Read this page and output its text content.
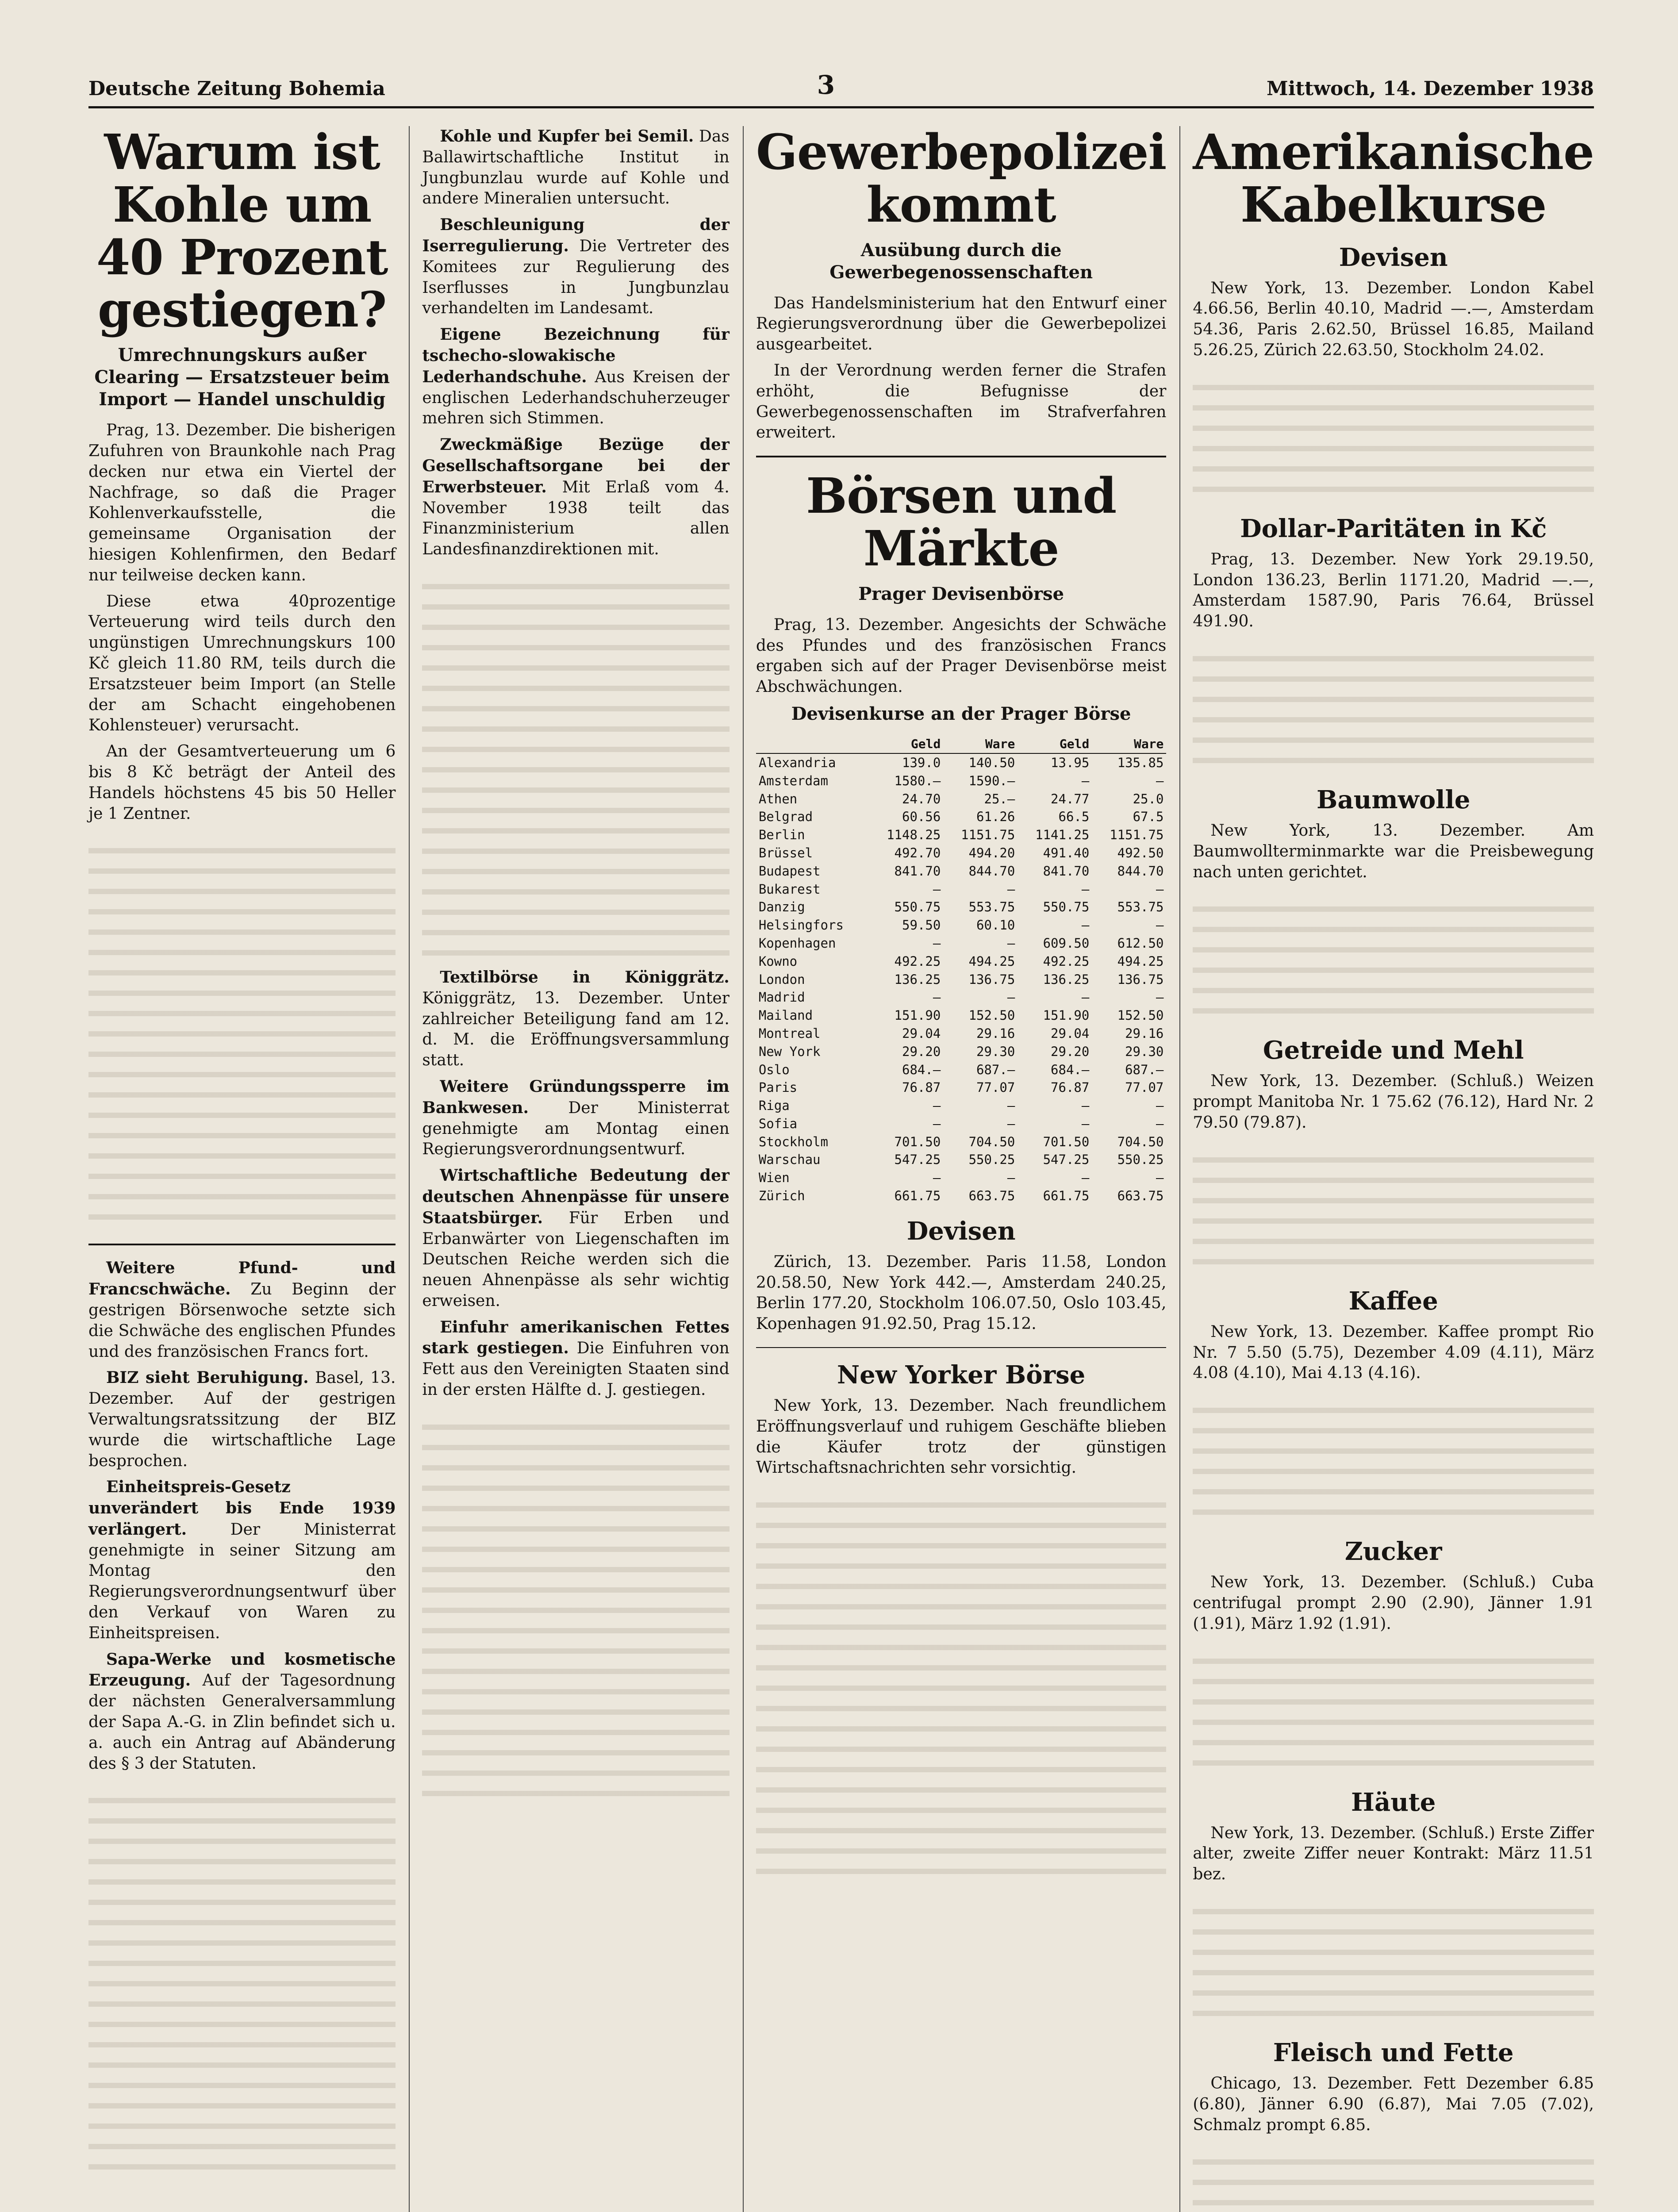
Deutsche Zeitung Bohemia	3	Mittwoch, 14. Dezember 1938
Warum ist Kohle um 40 Prozent gestiegen?
Umrechnungskurs außer Clearing — Ersatzsteuer beim Import — Handel unschuldig

Prag, 13. Dezember. Die bisherigen Zufuhren von Braunkohle nach Prag decken nur etwa ein Viertel der Nachfrage, so daß die Prager Kohlenverkaufsstelle, die gemeinsame Organisation der hiesigen Kohlenfirmen, den Bedarf nur teilweise decken kann.

Diese etwa 40prozentige Verteuerung wird teils durch den ungünstigen Umrechnungskurs 100 Kč gleich 11.80 RM, teils durch die Ersatzsteuer beim Import (an Stelle der am Schacht eingehobenen Kohlensteuer) verursacht.

An der Gesamtverteuerung um 6 bis 8 Kč beträgt der Anteil des Handels höchstens 45 bis 50 Heller je 1 Zentner.

Weitere Pfund- und Francschwäche. Zu Beginn der gestrigen Börsenwoche setzte sich die Schwäche des englischen Pfundes und des französischen Francs fort.

BIZ sieht Beruhigung. Basel, 13. Dezember. Auf der gestrigen Verwaltungsratssitzung der BIZ wurde die wirtschaftliche Lage besprochen.

Einheitspreis-Gesetz unverändert bis Ende 1939 verlängert.	Der Ministerrat genehmigte in seiner Sitzung am Montag den Regierungsverordnungsentwurf über den Verkauf von Waren zu Einheitspreisen.

Sapa-Werke und kosmetische Erzeugung. Auf der Tagesordnung der nächsten Generalversammlung der Sapa A.-G. in Zlin befindet sich u. a. auch ein Antrag auf Abänderung des § 3 der Statuten.

Kohle und Kupfer bei Semil. Das Ballawirtschaftliche Institut in Jungbunzlau wurde auf Kohle und andere Mineralien untersucht.

Beschleunigung der Iserregulierung. Die Vertreter des Komitees zur Regulierung des Iserflusses in Jungbunzlau verhandelten im Landesamt.

Eigene Bezeichnung für tschecho-slowakische Lederhandschuhe. Aus Kreisen der englischen Lederhandschuherzeuger mehren sich Stimmen.

Zweckmäßige Bezüge der Gesellschaftsorgane bei der Erwerbsteuer. Mit Erlaß vom 4. November 1938 teilt das Finanzministerium allen Landesfinanzdirektionen mit.

Textilbörse in Königgrätz. Königgrätz, 13. Dezember. Unter zahlreicher Beteiligung fand am 12. d. M. die Eröffnungsversammlung statt.

Weitere Gründungssperre im Bankwesen. Der Ministerrat genehmigte am Montag einen Regierungsverordnungsentwurf.

Wirtschaftliche Bedeutung der deutschen Ahnenpässe für unsere Staatsbürger. Für Erben und Erbanwärter von Liegenschaften im Deutschen Reiche werden sich die neuen Ahnenpässe als sehr wichtig erweisen.

Einfuhr amerikanischen Fettes stark gestiegen. Die Einfuhren von Fett aus den Vereinigten Staaten sind in der ersten Hälfte d. J. gestiegen.

Gewerbepolizei kommt
Ausübung durch die Gewerbegenossenschaften

Das Handelsministerium hat den Entwurf einer Regierungsverordnung über die Gewerbepolizei ausgearbeitet.

In der Verordnung werden ferner die Strafen erhöht, die Befugnisse der Gewerbegenossenschaften im Strafverfahren erweitert.

Börsen und Märkte
Prager Devisenbörse

Prag, 13. Dezember. Angesichts der Schwäche des Pfundes und des französischen Francs ergaben sich auf der Prager Devisenbörse meist Abschwächungen.

Devisenkurse an der Prager Börse
	Geld	Ware	Geld	Ware
Alexandria	139.0	140.50	13.95	135.85
Amsterdam	1580.—	1590.—	—	—
Athen	24.70	25.—	24.77	25.0
Belgrad	60.56	61.26	66.5	67.5
Berlin	1148.25	1151.75	1141.25	1151.75
Brüssel	492.70	494.20	491.40	492.50
Budapest	841.70	844.70	841.70	844.70
Bukarest	—	—	—	—
Danzig	550.75	553.75	550.75	553.75
Helsingfors	59.50	60.10	—	—
Kopenhagen	—	—	609.50	612.50
Kowno	492.25	494.25	492.25	494.25
London	136.25	136.75	136.25	136.75
Madrid	—	—	—	—
Mailand	151.90	152.50	151.90	152.50
Montreal	29.04	29.16	29.04	29.16
New York	29.20	29.30	29.20	29.30
Oslo	684.—	687.—	684.—	687.—
Paris	76.87	77.07	76.87	77.07
Riga	—	—	—	—
Sofia	—	—	—	—
Stockholm	701.50	704.50	701.50	704.50
Warschau	547.25	550.25	547.25	550.25
Wien	—	—	—	—
Zürich	661.75	663.75	661.75	663.75
Devisen

Zürich, 13. Dezember. Paris 11.58, London 20.58.50, New York 442.—, Amsterdam 240.25, Berlin 177.20, Stockholm 106.07.50, Oslo 103.45, Kopenhagen 91.92.50, Prag 15.12.

New Yorker Börse

New York, 13. Dezember. Nach freundlichem Eröffnungsverlauf und ruhigem Geschäfte blieben die Käufer trotz der günstigen Wirtschaftsnachrichten sehr vorsichtig.

Amerikanische Kabelkurse
Devisen

New York, 13. Dezember. London Kabel 4.66.56, Berlin 40.10, Madrid —.—, Amsterdam 54.36, Paris 2.62.50, Brüssel 16.85, Mailand 5.26.25, Zürich 22.63.50, Stockholm 24.02.

Dollar-Paritäten in Kč

Prag, 13. Dezember. New York 29.19.50, London 136.23, Berlin 1171.20, Madrid —.—, Amsterdam 1587.90, Paris 76.64, Brüssel 491.90.

Baumwolle

New York, 13. Dezember. Am Baumwollterminmarkte war die Preisbewegung nach unten gerichtet.

Getreide und Mehl

New York, 13. Dezember. (Schluß.) Weizen prompt Manitoba Nr. 1 75.62 (76.12), Hard Nr. 2 79.50 (79.87).

Kaffee

New York, 13. Dezember. Kaffee prompt Rio Nr. 7 5.50 (5.75), Dezember 4.09 (4.11), März 4.08 (4.10), Mai 4.13 (4.16).

Zucker

New York, 13. Dezember. (Schluß.) Cuba centrifugal prompt 2.90 (2.90), Jänner 1.91 (1.91), März 1.92 (1.91).

Häute

New York, 13. Dezember. (Schluß.) Erste Ziffer alter, zweite Ziffer neuer Kontrakt: März 11.51 bez.

Fleisch und Fette

Chicago, 13. Dezember. Fett Dezember 6.85 (6.80), Jänner 6.90 (6.87), Mai 7.05 (7.02), Schmalz prompt 6.85.
